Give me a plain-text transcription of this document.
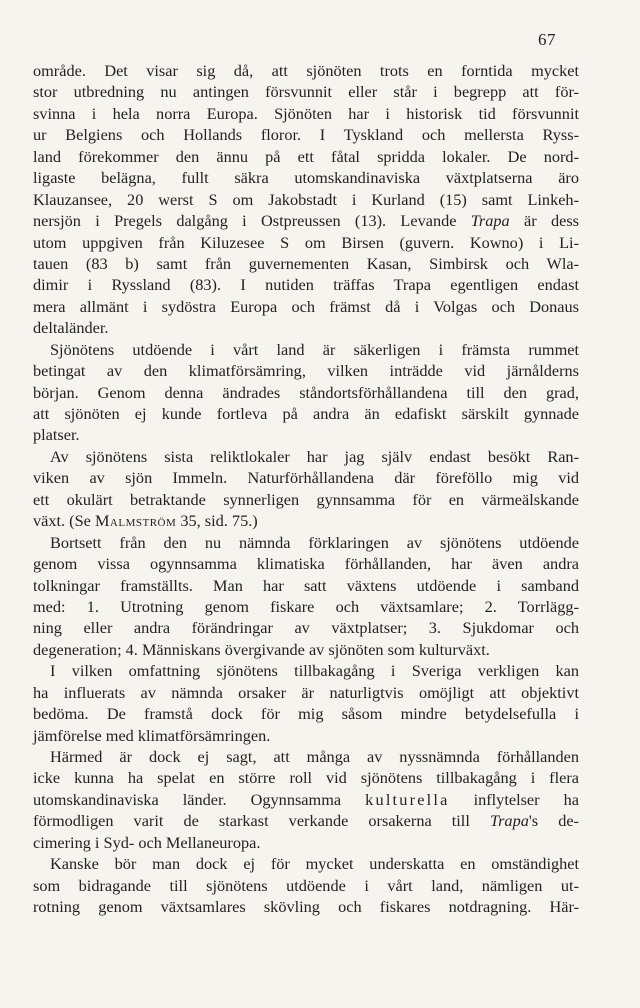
67
område. Det visar sig då, att sjönöten trots en forntida mycket
stor utbredning nu antingen försvunnit eller står i begrepp att för-
svinna i hela norra Europa. Sjönöten har i historisk tid försvunnit
ur Belgiens och Hollands floror. I Tyskland och mellersta Ryss-
land förekommer den ännu på ett fåtal spridda lokaler. De nord-
ligaste belägna, fullt säkra utomskandinaviska växtplatserna äro
Klauzansee, 20 werst S om Jakobstadt i Kurland (15) samt Linkeh-
nersjön i Pregels dalgång i Ostpreussen (13). Levande Trapa är dess
utom uppgiven från Kiluzesee S om Birsen (guvern. Kowno) i Li-
tauen (83 b) samt från guvernementen Kasan, Simbirsk och Wla-
dimir i Ryssland (83). I nutiden träffas Trapa egentligen endast
mera allmänt i sydöstra Europa och främst då i Volgas och Donaus
deltaländer.
Sjönötens utdöende i vårt land är säkerligen i främsta rummet
betingat av den klimatförsämring, vilken inträdde vid järnålderns
början. Genom denna ändrades ståndortsförhållandena till den grad,
att sjönöten ej kunde fortleva på andra än edafiskt särskilt gynnade
platser.
Av sjönötens sista reliktlokaler har jag själv endast besökt Ran-
viken av sjön Immeln. Naturförhållandena där föreföllo mig vid
ett okulärt betraktande synnerligen gynnsamma för en värmeälskande
växt. (Se Malmström 35, sid. 75.)
Bortsett från den nu nämnda förklaringen av sjönötens utdöende
genom vissa ogynnsamma klimatiska förhållanden, har även andra
tolkningar framställts. Man har satt växtens utdöende i samband
med: 1. Utrotning genom fiskare och växtsamlare; 2. Torrlägg-
ning eller andra förändringar av växtplatser; 3. Sjukdomar och
degeneration; 4. Människans övergivande av sjönöten som kulturväxt.
I vilken omfattning sjönötens tillbakagång i Sveriga verkligen kan
ha influerats av nämnda orsaker är naturligtvis omöjligt att objektivt
bedöma. De framstå dock för mig såsom mindre betydelsefulla i
jämförelse med klimatförsämringen.
Härmed är dock ej sagt, att många av nyssnämnda förhållanden
icke kunna ha spelat en större roll vid sjönötens tillbakagång i flera
utomskandinaviska länder. Ogynnsamma kulturella inflytelser ha
förmodligen varit de starkast verkande orsakerna till Trapa's de-
cimering i Syd- och Mellaneuropa.
Kanske bör man dock ej för mycket underskatta en omständighet
som bidragande till sjönötens utdöende i vårt land, nämligen ut-
rotning genom växtsamlares skövling och fiskares notdragning. Här-
